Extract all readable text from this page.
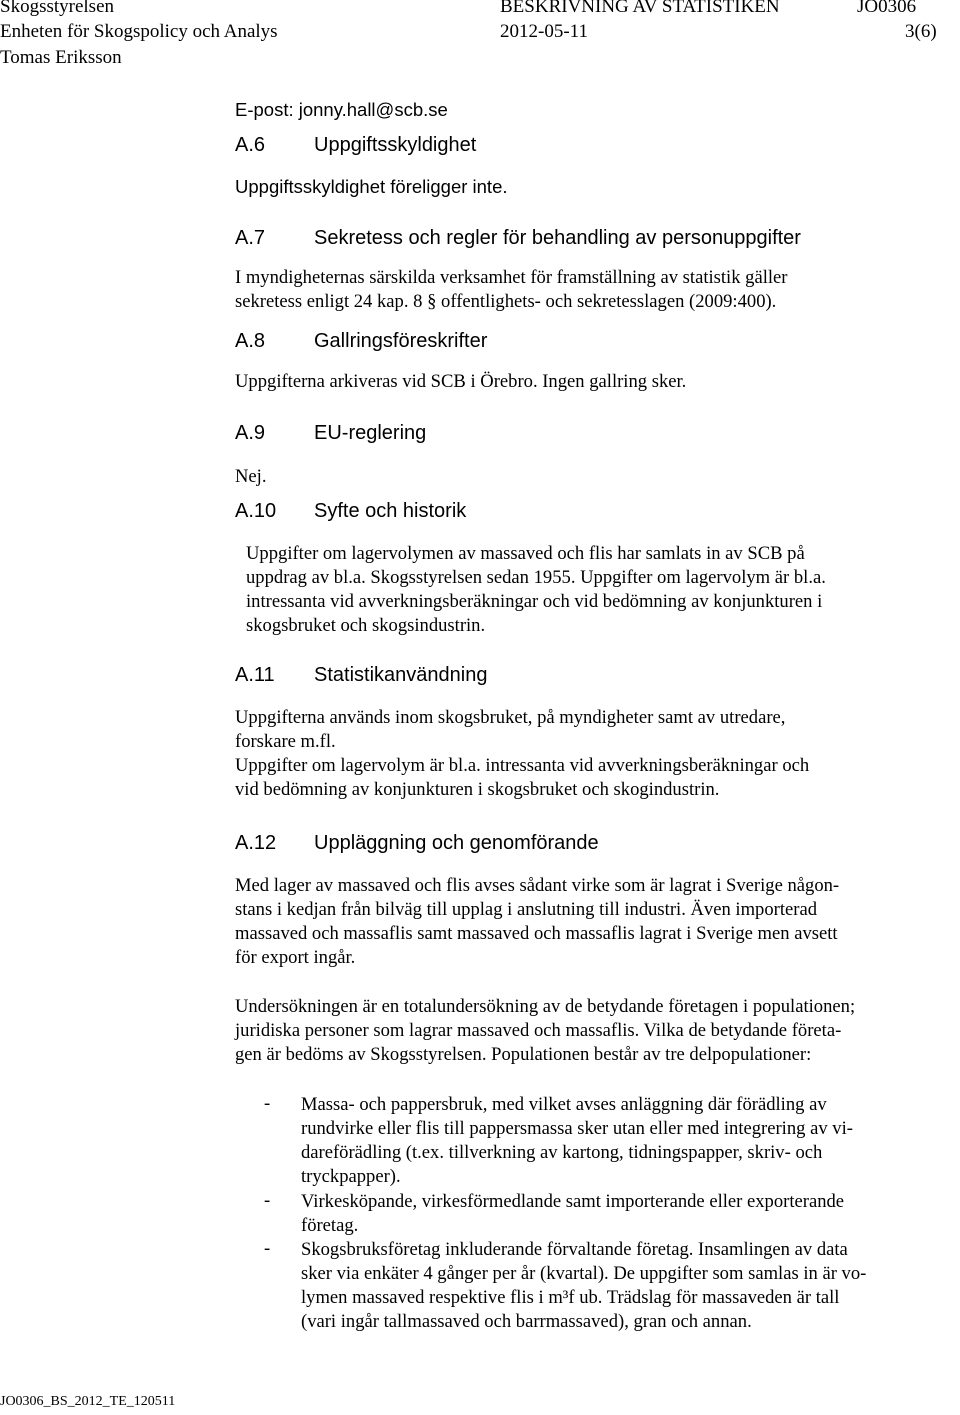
Skogsstyrelsen	BESKRIVNING AV STATISTIKEN	JO0306
Enheten för Skogspolicy och Analys	2012-05-11	3(6)
Tomas Eriksson
E-post: jonny.hall@scb.se
A.6 Uppgiftsskyldighet
Uppgiftsskyldighet föreligger inte.
A.7 Sekretess och regler för behandling av personuppgifter
I myndigheternas särskilda verksamhet för framställning av statistik gäller
sekretess enligt 24 kap. 8 § offentlighets- och sekretesslagen (2009:400).
A.8 Gallringsföreskrifter
Uppgifterna arkiveras vid SCB i Örebro. Ingen gallring sker.
A.9 EU-reglering
Nej.
A.10 Syfte och historik
Uppgifter om lagervolymen av massaved och flis har samlats in av SCB på
uppdrag av bl.a. Skogsstyrelsen sedan 1955. Uppgifter om lagervolym är bl.a.
intressanta vid avverkningsberäkningar och vid bedömning av konjunkturen i
skogsbruket och skogsindustrin.
A.11 Statistikanvändning
Uppgifterna används inom skogsbruket, på myndigheter samt av utredare,
forskare m.fl.
Uppgifter om lagervolym är bl.a. intressanta vid avverkningsberäkningar och
vid bedömning av konjunkturen i skogsbruket och skogindustrin.
A.12 Uppläggning och genomförande
Med lager av massaved och flis avses sådant virke som är lagrat i Sverige någon-
stans i kedjan från bilväg till upplag i anslutning till industri. Även importerad
massaved och massaflis samt massaved och massaflis lagrat i Sverige men avsett
för export ingår.
Undersökningen är en totalundersökning av de betydande företagen i populationen;
juridiska personer som lagrar massaved och massaflis. Vilka de betydande företa-
gen är bedöms av Skogsstyrelsen. Populationen består av tre delpopulationer:
- Massa- och pappersbruk, med vilket avses anläggning där förädling av
rundvirke eller flis till pappersmassa sker utan eller med integrering av vi-
dareförädling (t.ex. tillverkning av kartong, tidningspapper, skriv- och
tryckpapper).
- Virkesköpande, virkesförmedlande samt importerande eller exporterande
företag.
- Skogsbruksföretag inkluderande förvaltande företag. Insamlingen av data
sker via enkäter 4 gånger per år (kvartal). De uppgifter som samlas in är vo-
lymen massaved respektive flis i m³f ub. Trädslag för massaveden är tall
(vari ingår tallmassaved och barrmassaved), gran och annan.
JO0306_BS_2012_TE_120511
